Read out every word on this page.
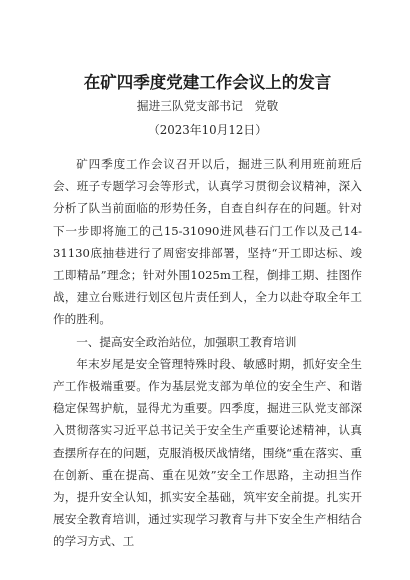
在矿四季度党建工作会议上的发言
掘进三队党支部书记　党敬
（2023年10月12日）

矿四季度工作会议召开以后，掘进三队利用班前班后会、班子专题学习会等形式，认真学习贯彻会议精神，深入分析了队当前面临的形势任务，自查自纠存在的问题。针对下一步即将施工的己15-31090进风巷石门工作以及己14-31130底抽巷进行了周密安排部署，坚持“开工即达标、竣工即精品”理念；针对外围1025m工程，倒排工期、挂图作战，建立台账进行划区包片责任到人，全力以赴夺取全年工作的胜利。

一、提高安全政治站位，加强职工教育培训

年末岁尾是安全管理特殊时段、敏感时期，抓好安全生产工作极端重要。作为基层党支部为单位的安全生产、和谐稳定保驾护航，显得尤为重要。四季度，掘进三队党支部深入贯彻落实习近平总书记关于安全生产重要论述精神，认真查摆所存在的问题，克服消极厌战情绪，围绕“重在落实、重在创新、重在提高、重在见效”安全工作思路，主动担当作为，提升安全认知，抓实安全基础，筑牢安全前提。扎实开展安全教育培训，通过实现学习教育与井下安全生产相结合的学习方式、工
